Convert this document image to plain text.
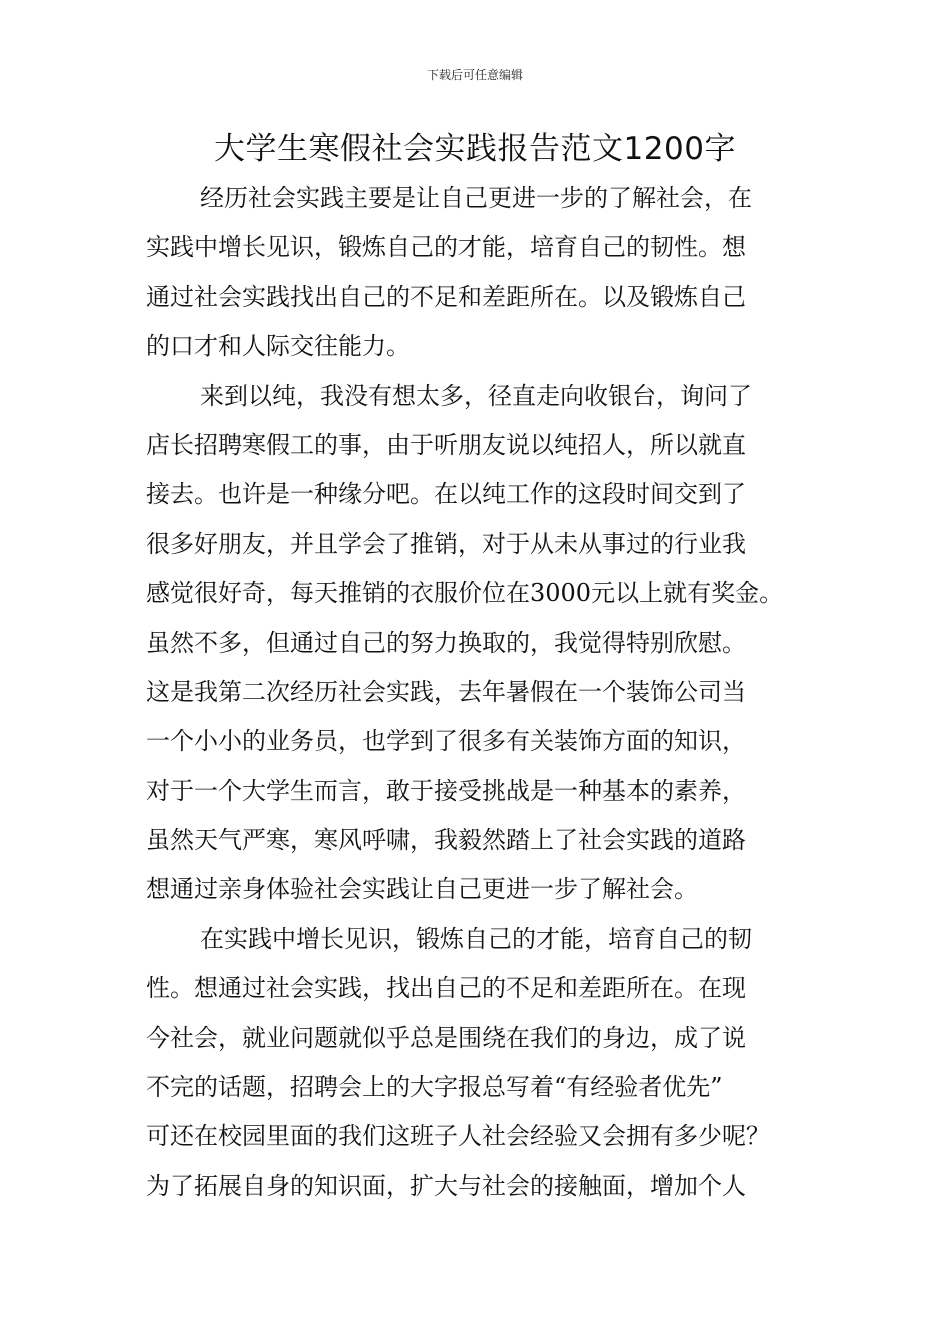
下载后可任意编辑
大学生寒假社会实践报告范文1200字
经历社会实践主要是让自己更进一步的了解社会，在
实践中增长见识，锻炼自己的才能，培育自己的韧性。想
通过社会实践找出自己的不足和差距所在。以及锻炼自己
的口才和人际交往能力。
来到以纯，我没有想太多，径直走向收银台，询问了
店长招聘寒假工的事，由于听朋友说以纯招人，所以就直
接去。也许是一种缘分吧。在以纯工作的这段时间交到了
很多好朋友，并且学会了推销，对于从未从事过的行业我
感觉很好奇，每天推销的衣服价位在3000元以上就有奖金。
虽然不多，但通过自己的努力换取的，我觉得特别欣慰。
这是我第二次经历社会实践，去年暑假在一个装饰公司当
一个小小的业务员，也学到了很多有关装饰方面的知识，
对于一个大学生而言，敢于接受挑战是一种基本的素养，
虽然天气严寒，寒风呼啸，我毅然踏上了社会实践的道路
想通过亲身体验社会实践让自己更进一步了解社会。
在实践中增长见识，锻炼自己的才能，培育自己的韧
性。想通过社会实践，找出自己的不足和差距所在。在现
今社会，就业问题就似乎总是围绕在我们的身边，成了说
不完的话题，招聘会上的大字报总写着“有经验者优先”
可还在校园里面的我们这班子人社会经验又会拥有多少呢？
为了拓展自身的知识面，扩大与社会的接触面，增加个人
